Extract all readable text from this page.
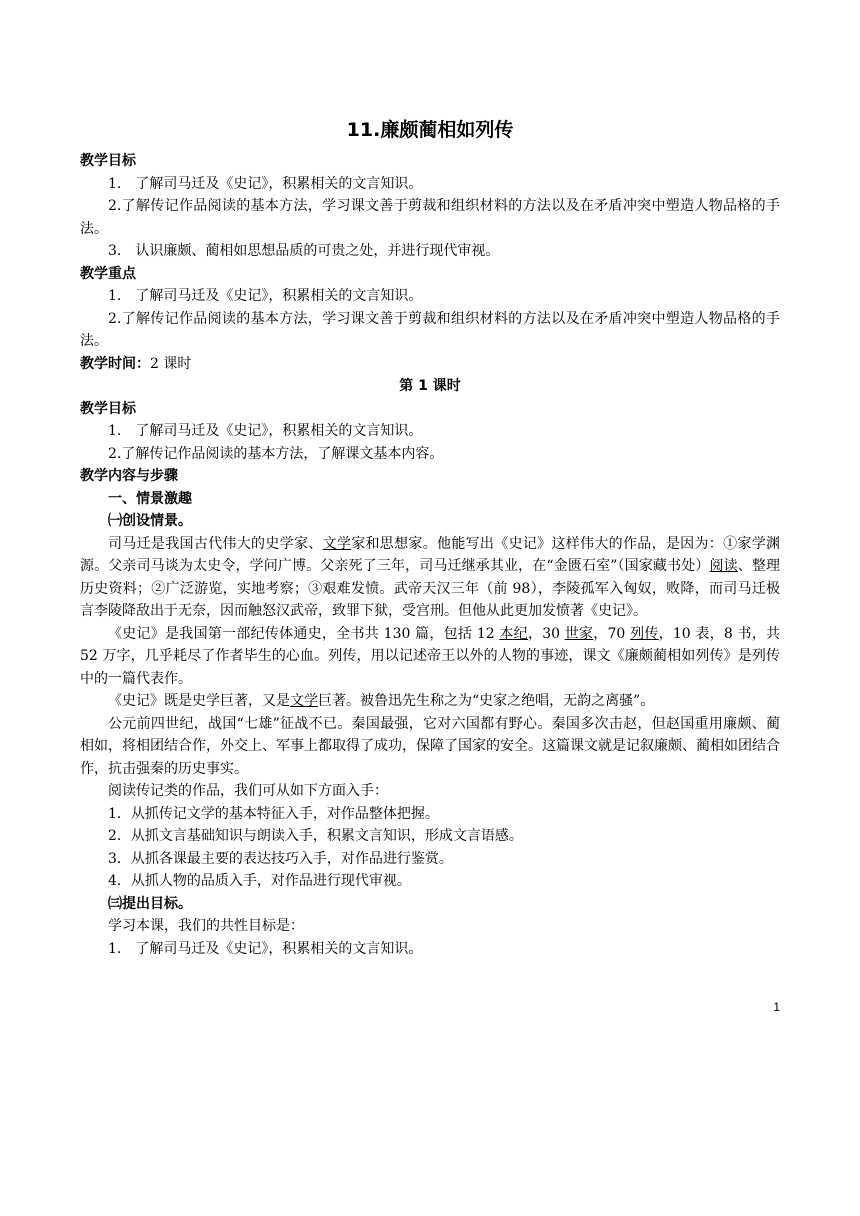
11.廉颇蔺相如列传

教学目标

1.　了解司马迁及《史记》，积累相关的文言知识。

2.了解传记作品阅读的基本方法，学习课文善于剪裁和组织材料的方法以及在矛盾冲突中塑造人物品格的手法。

3.　认识廉颇、蔺相如思想品质的可贵之处，并进行现代审视。

教学重点

1.　了解司马迁及《史记》，积累相关的文言知识。

2.了解传记作品阅读的基本方法，学习课文善于剪裁和组织材料的方法以及在矛盾冲突中塑造人物品格的手法。

教学时间：2 课时

第 1 课时

教学目标

1.　了解司马迁及《史记》，积累相关的文言知识。

2.了解传记作品阅读的基本方法，了解课文基本内容。

教学内容与步骤

一、情景激趣

㈠创设情景。

司马迁是我国古代伟大的史学家、文学家和思想家。他能写出《史记》这样伟大的作品，是因为：①家学渊源。父亲司马谈为太史令，学问广博。父亲死了三年，司马迁继承其业，在“金匮石室”（国家藏书处）阅读、整理历史资料；②广泛游览，实地考察；③艰难发愤。武帝天汉三年（前 98），李陵孤军入匈奴，败降，而司马迁极言李陵降敌出于无奈，因而触怒汉武帝，致罪下狱，受宫刑。但他从此更加发愤著《史记》。

《史记》是我国第一部纪传体通史，全书共 130 篇，包括 12 本纪，30 世家，70 列传，10 表，8 书，共 52 万字，几乎耗尽了作者毕生的心血。列传，用以记述帝王以外的人物的事迹，课文《廉颇蔺相如列传》是列传中的一篇代表作。

《史记》既是史学巨著，又是文学巨著。被鲁迅先生称之为“史家之绝唱，无韵之离骚”。

公元前四世纪，战国“七雄”征战不已。秦国最强，它对六国都有野心。秦国多次击赵，但赵国重用廉颇、蔺相如，将相团结合作，外交上、军事上都取得了成功，保障了国家的安全。这篇课文就是记叙廉颇、蔺相如团结合作，抗击强秦的历史事实。

阅读传记类的作品，我们可从如下方面入手：

1．从抓传记文学的基本特征入手，对作品整体把握。

2．从抓文言基础知识与朗读入手，积累文言知识，形成文言语感。

3．从抓各课最主要的表达技巧入手，对作品进行鉴赏。

4．从抓人物的品质入手，对作品进行现代审视。

㈢提出目标。

学习本课，我们的共性目标是：

1.　了解司马迁及《史记》，积累相关的文言知识。

1
